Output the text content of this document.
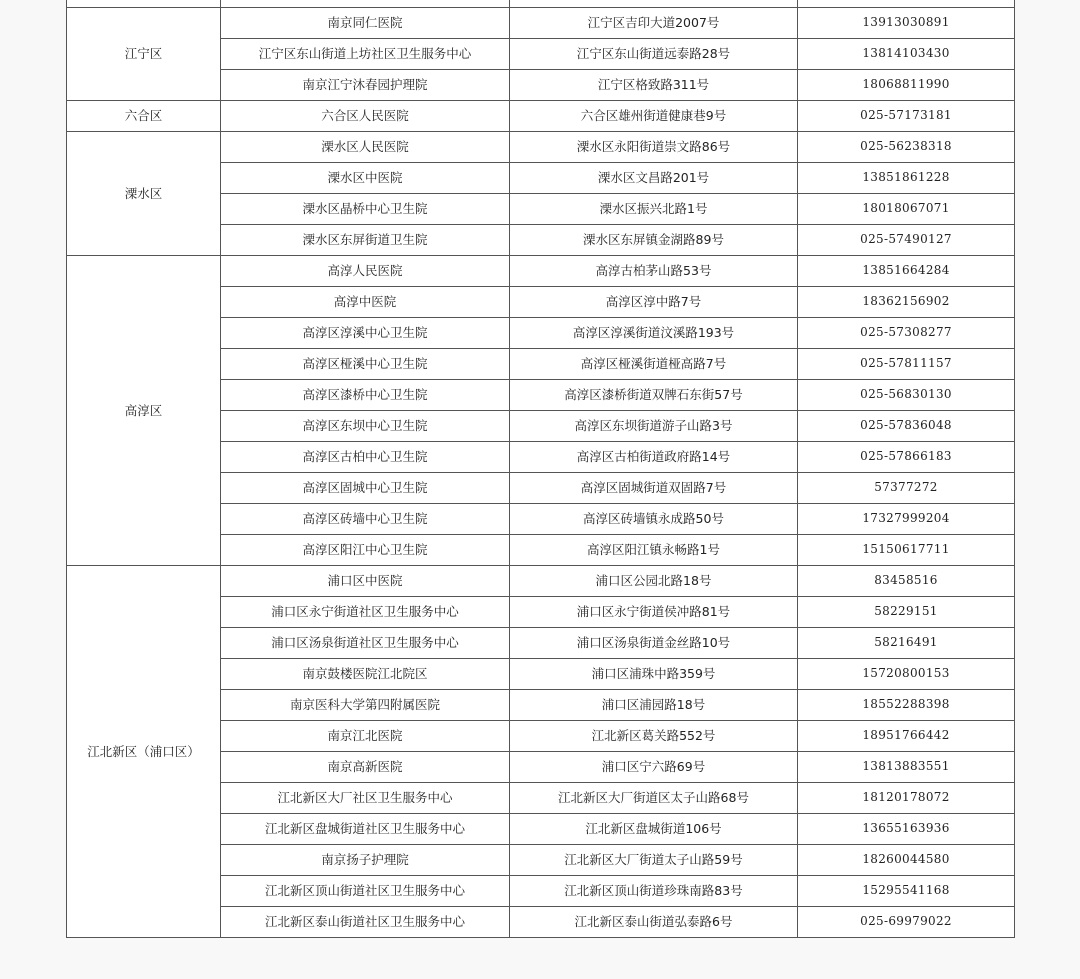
江宁区	南京同仁医院	江宁区吉印大道2007号	13913030891
	江宁区东山街道上坊社区卫生服务中心	江宁区东山街道远泰路28号	13814103430
	南京江宁沐春园护理院	江宁区格致路311号	18068811990
六合区	六合区人民医院	六合区雄州街道健康巷9号	025-57173181
溧水区	溧水区人民医院	溧水区永阳街道崇文路86号	025-56238318
	溧水区中医院	溧水区文昌路201号	13851861228
	溧水区晶桥中心卫生院	溧水区振兴北路1号	18018067071
	溧水区东屏街道卫生院	溧水区东屏镇金湖路89号	025-57490127
高淳区	高淳人民医院	高淳古柏茅山路53号	13851664284
	高淳中医院	高淳区淳中路7号	18362156902
	高淳区淳溪中心卫生院	高淳区淳溪街道汶溪路193号	025-57308277
	高淳区桠溪中心卫生院	高淳区桠溪街道桠高路7号	025-57811157
	高淳区漆桥中心卫生院	高淳区漆桥街道双牌石东街57号	025-56830130
	高淳区东坝中心卫生院	高淳区东坝街道游子山路3号	025-57836048
	高淳区古柏中心卫生院	高淳区古柏街道政府路14号	025-57866183
	高淳区固城中心卫生院	高淳区固城街道双固路7号	57377272
	高淳区砖墙中心卫生院	高淳区砖墙镇永成路50号	17327999204
	高淳区阳江中心卫生院	高淳区阳江镇永畅路1号	15150617711
江北新区（浦口区）	浦口区中医院	浦口区公园北路18号	83458516
	浦口区永宁街道社区卫生服务中心	浦口区永宁街道侯冲路81号	58229151
	浦口区汤泉街道社区卫生服务中心	浦口区汤泉街道金丝路10号	58216491
	南京鼓楼医院江北院区	浦口区浦珠中路359号	15720800153
	南京医科大学第四附属医院	浦口区浦园路18号	18552288398
	南京江北医院	江北新区葛关路552号	18951766442
	南京高新医院	浦口区宁六路69号	13813883551
	江北新区大厂社区卫生服务中心	江北新区大厂街道区太子山路68号	18120178072
	江北新区盘城街道社区卫生服务中心	江北新区盘城街道106号	13655163936
	南京扬子护理院	江北新区大厂街道太子山路59号	18260044580
	江北新区顶山街道社区卫生服务中心	江北新区顶山街道珍珠南路83号	15295541168
	江北新区泰山街道社区卫生服务中心	江北新区泰山街道弘泰路6号	025-69979022
